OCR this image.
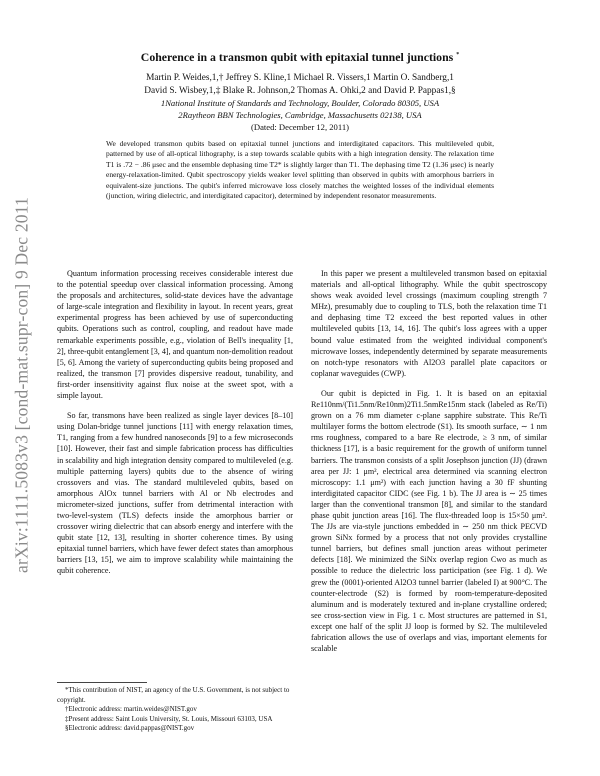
arXiv:1111.5083v3 [cond-mat.supr-con] 9 Dec 2011
Coherence in a transmon qubit with epitaxial tunnel junctions *
Martin P. Weides,1,† Jeffrey S. Kline,1 Michael R. Vissers,1 Martin O. Sandberg,1
David S. Wisbey,1,‡ Blake R. Johnson,2 Thomas A. Ohki,2 and David P. Pappas1,§
1National Institute of Standards and Technology, Boulder, Colorado 80305, USA
2Raytheon BBN Technologies, Cambridge, Massachusetts 02138, USA
(Dated: December 12, 2011)
We developed transmon qubits based on epitaxial tunnel junctions and interdigitated capacitors. This multileveled qubit, patterned by use of all-optical lithography, is a step towards scalable qubits with a high integration density. The relaxation time T1 is .72 − .86 μsec and the ensemble dephasing time T2* is slightly larger than T1. The dephasing time T2 (1.36 μsec) is nearly energy-relaxation-limited. Qubit spectroscopy yields weaker level splitting than observed in qubits with amorphous barriers in equivalent-size junctions. The qubit's inferred microwave loss closely matches the weighted losses of the individual elements (junction, wiring dielectric, and interdigitated capacitor), determined by independent resonator measurements.

Quantum information processing receives considerable interest due to the potential speedup over classical information processing. Among the proposals and architectures, solid-state devices have the advantage of large-scale integration and flexibility in layout. In recent years, great experimental progress has been achieved by use of superconducting qubits. Operations such as control, coupling, and readout have made remarkable experiments possible, e.g., violation of Bell's inequality [1, 2], three-qubit entanglement [3, 4], and quantum non-demolition readout [5, 6]. Among the variety of superconducting qubits being proposed and realized, the transmon [7] provides dispersive readout, tunability, and first-order insensitivity against flux noise at the sweet spot, with a simple layout.

So far, transmons have been realized as single layer devices [8–10] using Dolan-bridge tunnel junctions [11] with energy relaxation times, T1, ranging from a few hundred nanoseconds [9] to a few microseconds [10]. However, their fast and simple fabrication process has difficulties in scalability and high integration density compared to multileveled (e.g. multiple patterning layers) qubits due to the absence of wiring crossovers and vias. The standard multileveled qubits, based on amorphous AlOx tunnel barriers with Al or Nb electrodes and micrometer-sized junctions, suffer from detrimental interaction with two-level-system (TLS) defects inside the amorphous barrier or crossover wiring dielectric that can absorb energy and interfere with the qubit state [12, 13], resulting in shorter coherence times. By using epitaxial tunnel barriers, which have fewer defect states than amorphous barriers [13, 15], we aim to improve scalability while maintaining the qubit coherence.

In this paper we present a multileveled transmon based on epitaxial materials and all-optical lithography. While the qubit spectroscopy shows weak avoided level crossings (maximum coupling strength 7 MHz), presumably due to coupling to TLS, both the relaxation time T1 and dephasing time T2 exceed the best reported values in other multileveled qubits [13, 14, 16]. The qubit's loss agrees with a upper bound value estimated from the weighted individual component's microwave losses, independently determined by separate measurements on notch-type resonators with Al2O3 parallel plate capacitors or coplanar waveguides (CWP).

Our qubit is depicted in Fig. 1. It is based on an epitaxial Re110nm/(Ti1.5nm/Re10nm)2Ti1.5nmRe15nm stack (labeled as Re/Ti) grown on a 76 mm diameter c-plane sapphire substrate. This Re/Ti multilayer forms the bottom electrode (S1). Its smooth surface, ∼ 1 nm rms roughness, compared to a bare Re electrode, ≥ 3 nm, of similar thickness [17], is a basic requirement for the growth of uniform tunnel barriers. The transmon consists of a split Josephson junction (JJ) (drawn area per JJ: 1 μm², electrical area determined via scanning electron microscopy: 1.1 μm²) with each junction having a 30 fF shunting interdigitated capacitor CIDC (see Fig. 1 b). The JJ area is ∼ 25 times larger than the conventional transmon [8], and similar to the standard phase qubit junction areas [16]. The flux-threaded loop is 15×50 μm². The JJs are via-style junctions embedded in ∼ 250 nm thick PECVD grown SiNx formed by a process that not only provides crystalline tunnel barriers, but defines small junction areas without perimeter defects [18]. We minimized the SiNx overlap region Cwo as much as possible to reduce the dielectric loss participation (see Fig. 1 d). We grew the (0001)-oriented Al2O3 tunnel barrier (labeled I) at 900°C. The counter-electrode (S2) is formed by room-temperature-deposited aluminum and is moderately textured and in-plane crystalline ordered; see cross-section view in Fig. 1 c. Most structures are patterned in S1, except one half of the split JJ loop is formed by S2. The multileveled fabrication allows the use of overlaps and vias, important elements for scalable

*This contribution of NIST, an agency of the U.S. Government, is not subject to copyright.
†Electronic address: martin.weides@NIST.gov
‡Present address: Saint Louis University, St. Louis, Missouri 63103, USA
§Electronic address: david.pappas@NIST.gov
